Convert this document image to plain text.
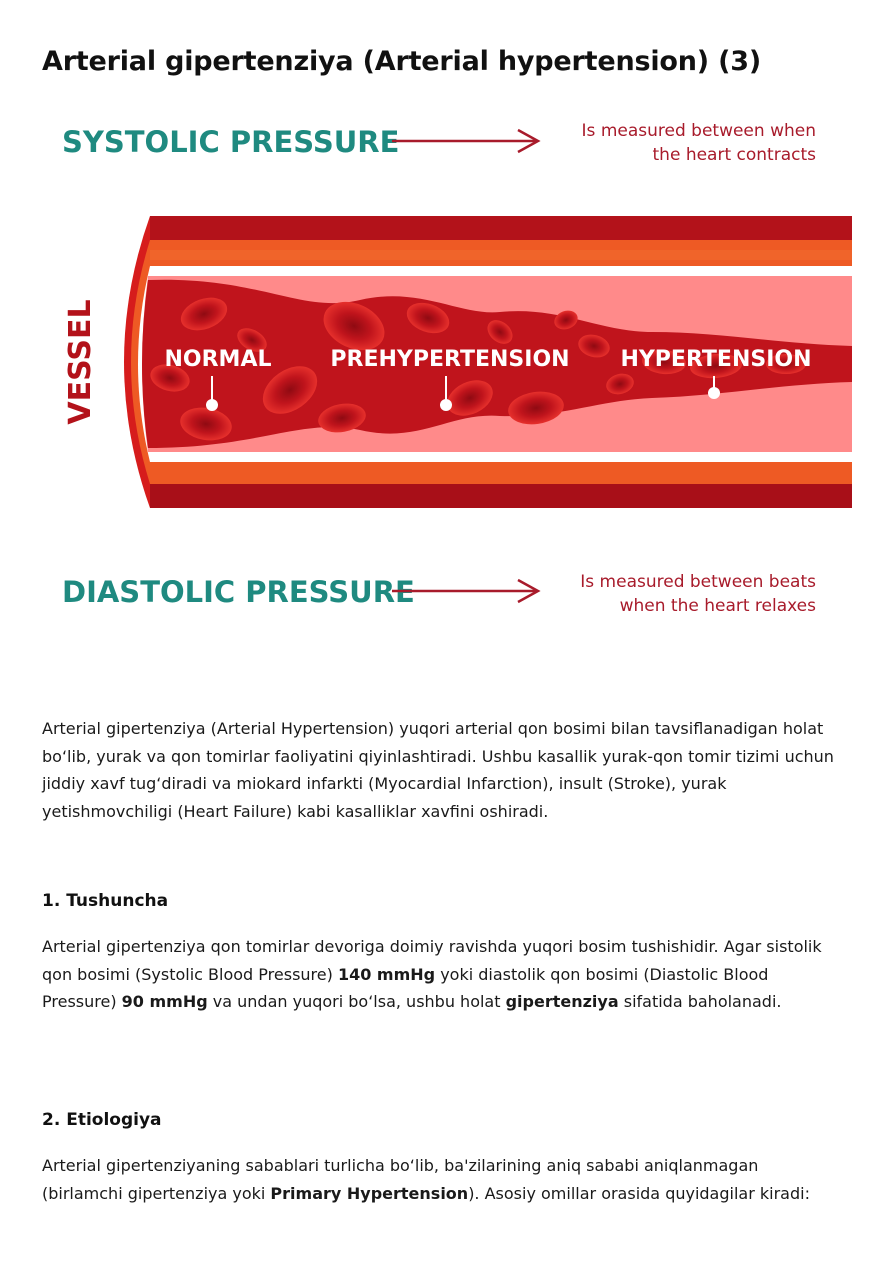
Arterial gipertenziya (Arterial hypertension) (3)
SYSTOLIC PRESSURE	Is measured between when
the heart contracts
VESSEL	NORMAL	PREHYPERTENSION HYPERTENSION
DIASTOLIC PRESSURE	Is measured between beats
when the heart relaxes

Arterial gipertenziya (Arterial Hypertension) yuqori arterial qon bosimi bilan tavsiflanadigan holat bo‘lib, yurak va qon tomirlar faoliyatini qiyinlashtiradi. Ushbu kasallik yurak-qon tomir tizimi uchun jiddiy xavf tug‘diradi va miokard infarkti (Myocardial Infarction), insult (Stroke), yurak yetishmovchiligi (Heart Failure) kabi kasalliklar xavfini oshiradi.

1. Tushuncha

Arterial gipertenziya qon tomirlar devoriga doimiy ravishda yuqori bosim tushishidir. Agar sistolik qon bosimi (Systolic Blood Pressure) 140 mmHg yoki diastolik qon bosimi (Diastolic Blood Pressure) 90 mmHg va undan yuqori bo‘lsa, ushbu holat gipertenziya sifatida baholanadi.

2. Etiologiya

Arterial gipertenziyaning sabablari turlicha bo‘lib, ba'zilarining aniq sababi aniqlanmagan (birlamchi gipertenziya yoki Primary Hypertension). Asosiy omillar orasida quyidagilar kiradi:
